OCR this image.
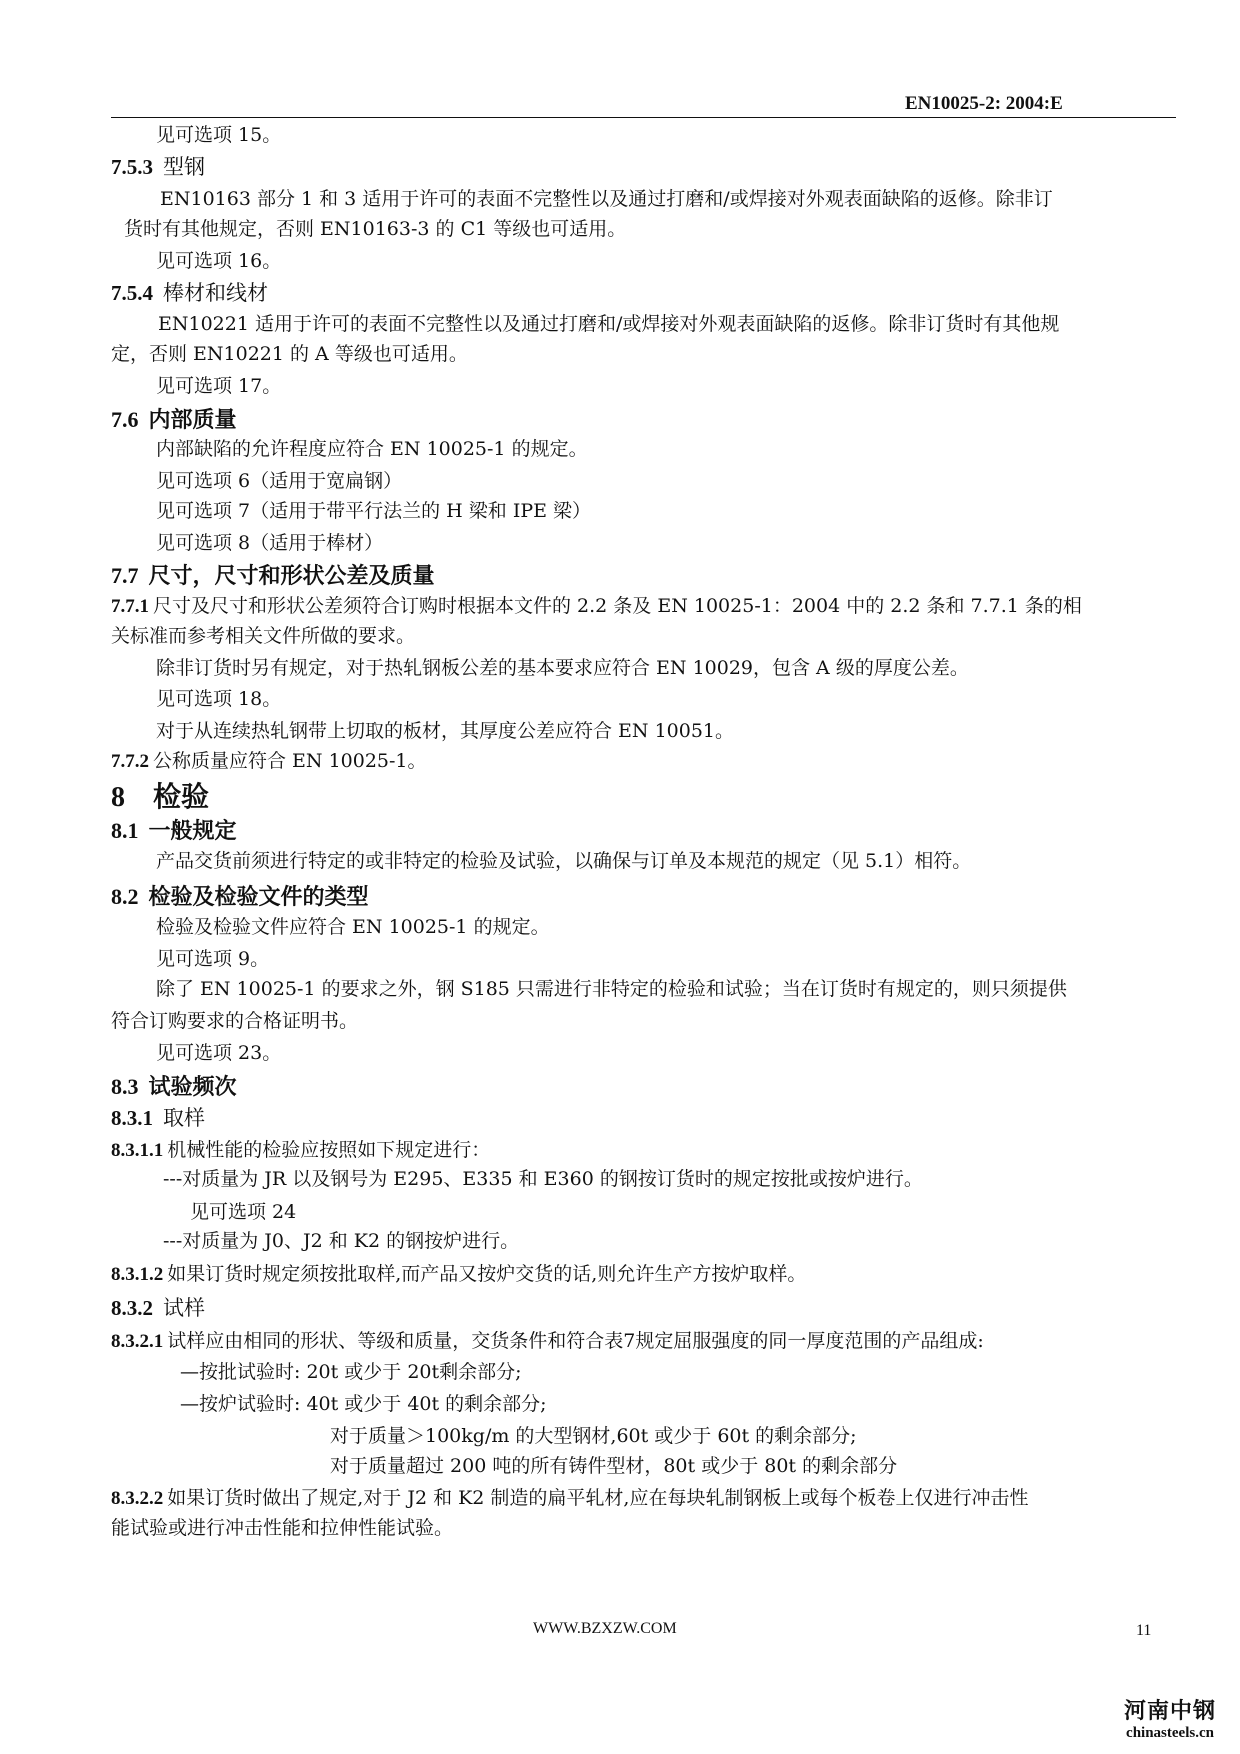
EN10025-2: 2004:E
见可选项 15。
7.5.3 型钢
EN10163 部分 1 和 3 适用于许可的表面不完整性以及通过打磨和/或焊接对外观表面缺陷的返修。除非订
货时有其他规定，否则 EN10163-3 的 C1 等级也可适用。
见可选项 16。
7.5.4 棒材和线材
EN10221 适用于许可的表面不完整性以及通过打磨和/或焊接对外观表面缺陷的返修。除非订货时有其他规
定，否则 EN10221 的 A 等级也可适用。
见可选项 17。
7.6 内部质量
内部缺陷的允许程度应符合 EN 10025-1 的规定。
见可选项 6（适用于宽扁钢）
见可选项 7（适用于带平行法兰的 H 梁和 IPE 梁）
见可选项 8（适用于棒材）
7.7 尺寸，尺寸和形状公差及质量
7.7.1 尺寸及尺寸和形状公差须符合订购时根据本文件的 2.2 条及 EN 10025-1：2004 中的 2.2 条和 7.7.1 条的相
关标准而参考相关文件所做的要求。
除非订货时另有规定，对于热轧钢板公差的基本要求应符合 EN 10029，包含 A 级的厚度公差。
见可选项 18。
对于从连续热轧钢带上切取的板材，其厚度公差应符合 EN 10051。
7.7.2 公称质量应符合 EN 10025-1。
8 检验
8.1 一般规定
产品交货前须进行特定的或非特定的检验及试验，以确保与订单及本规范的规定（见 5.1）相符。
8.2 检验及检验文件的类型
检验及检验文件应符合 EN 10025-1 的规定。
见可选项 9。
除了 EN 10025-1 的要求之外，钢 S185 只需进行非特定的检验和试验；当在订货时有规定的，则只须提供
符合订购要求的合格证明书。
见可选项 23。
8.3 试验频次
8.3.1 取样
8.3.1.1 机械性能的检验应按照如下规定进行：
---对质量为 JR 以及钢号为 E295、E335 和 E360 的钢按订货时的规定按批或按炉进行。
见可选项 24
---对质量为 J0、J2 和 K2 的钢按炉进行。
8.3.1.2 如果订货时规定须按批取样,而产品又按炉交货的话,则允许生产方按炉取样。
8.3.2 试样
8.3.2.1 试样应由相同的形状、等级和质量，交货条件和符合表7规定屈服强度的同一厚度范围的产品组成:
—按批试验时: 20t 或少于 20t剩余部分;
—按炉试验时: 40t 或少于 40t 的剩余部分;
对于质量＞100kg/m 的大型钢材,60t 或少于 60t 的剩余部分;
对于质量超过 200 吨的所有铸件型材，80t 或少于 80t 的剩余部分
8.3.2.2 如果订货时做出了规定,对于 J2 和 K2 制造的扁平轧材,应在每块轧制钢板上或每个板卷上仅进行冲击性
能试验或进行冲击性能和拉伸性能试验。
WWW.BZXZW.COM	11
河南中钢
chinasteels.cn
